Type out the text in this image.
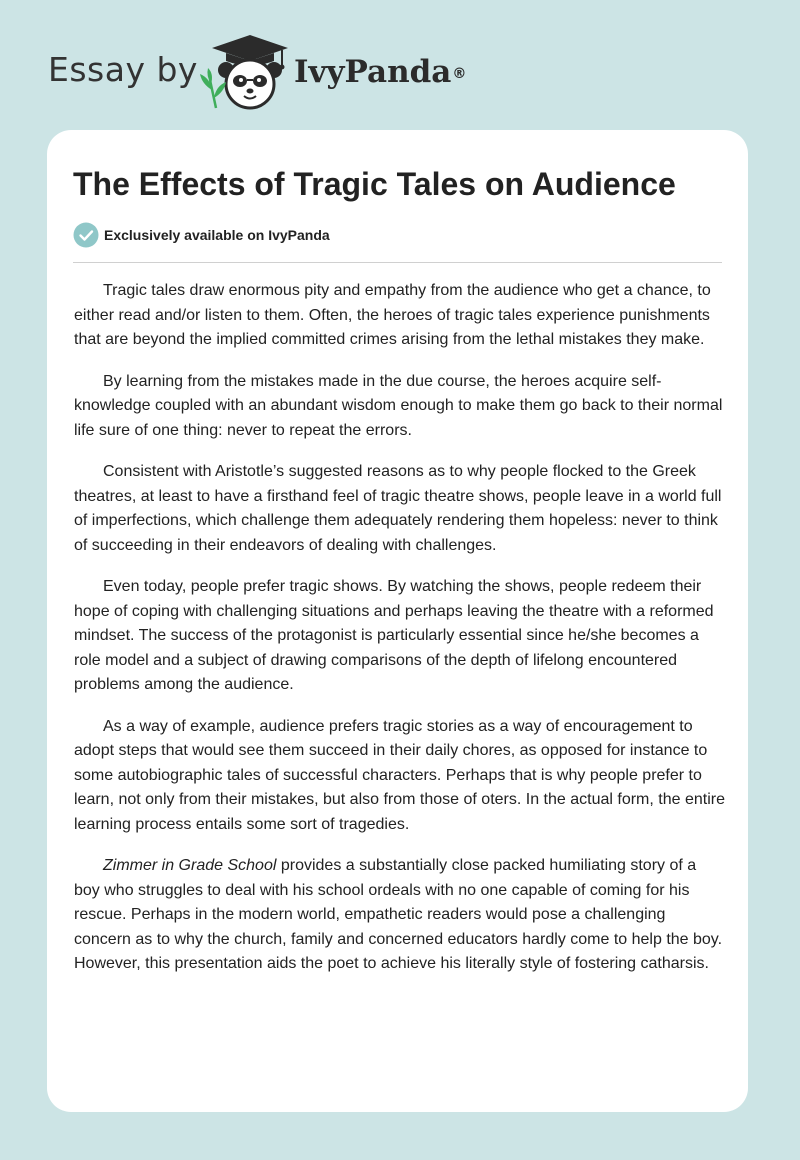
Essay by	IvyPanda®
The Effects of Tragic Tales on Audience
Exclusively available on IvyPanda

Tragic tales draw enormous pity and empathy from the audience who get a chance, to either read and/or listen to them. Often, the heroes of tragic tales experience punishments that are beyond the implied committed crimes arising from the lethal mistakes they make.

By learning from the mistakes made in the due course, the heroes acquire self-knowledge coupled with an abundant wisdom enough to make them go back to their normal life sure of one thing: never to repeat the errors.

Consistent with Aristotle’s suggested reasons as to why people flocked to the Greek theatres, at least to have a firsthand feel of tragic theatre shows, people leave in a world full of imperfections, which challenge them adequately rendering them hopeless: never to think of succeeding in their endeavors of dealing with challenges.

Even today, people prefer tragic shows. By watching the shows, people redeem their hope of coping with challenging situations and perhaps leaving the theatre with a reformed mindset. The success of the protagonist is particularly essential since he/she becomes a role model and a subject of drawing comparisons of the depth of lifelong encountered problems among the audience.

As a way of example, audience prefers tragic stories as a way of encouragement to adopt steps that would see them succeed in their daily chores, as opposed for instance to some autobiographic tales of successful characters. Perhaps that is why people prefer to learn, not only from their mistakes, but also from those of oters. In the actual form, the entire learning process entails some sort of tragedies.

Zimmer in Grade School provides a substantially close packed humiliating story of a boy who struggles to deal with his school ordeals with no one capable of coming for his rescue. Perhaps in the modern world, empathetic readers would pose a challenging concern as to why the church, family and concerned educators hardly come to help the boy. However, this presentation aids the poet to achieve his literally style of fostering catharsis.
